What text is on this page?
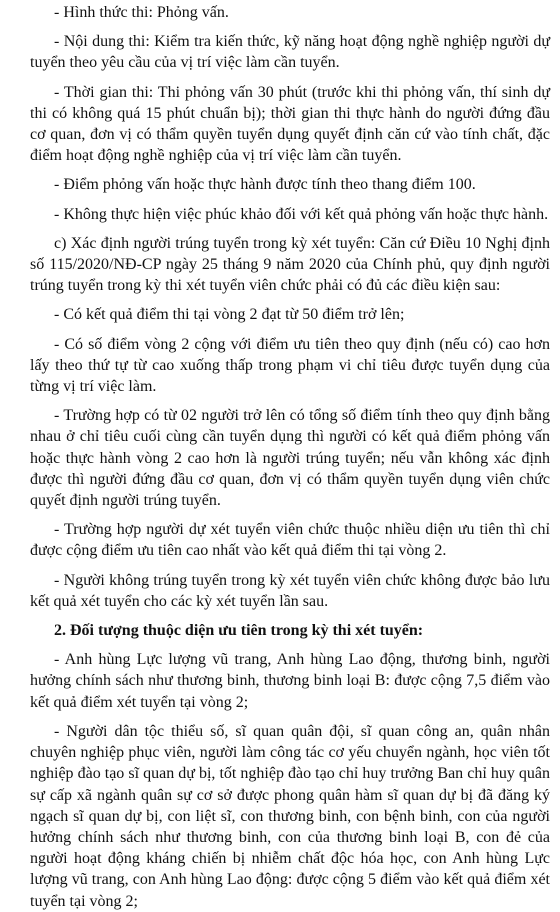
- Hình thức thi: Phỏng vấn.

- Nội dung thi: Kiểm tra kiến thức, kỹ năng hoạt động nghề nghiệp người dự tuyển theo yêu cầu của vị trí việc làm cần tuyển.

- Thời gian thi: Thi phỏng vấn 30 phút (trước khi thi phỏng vấn, thí sinh dự thi có không quá 15 phút chuẩn bị); thời gian thi thực hành do người đứng đầu cơ quan, đơn vị có thẩm quyền tuyển dụng quyết định căn cứ vào tính chất, đặc điểm hoạt động nghề nghiệp của vị trí việc làm cần tuyển.

- Điểm phỏng vấn hoặc thực hành được tính theo thang điểm 100.

- Không thực hiện việc phúc khảo đối với kết quả phỏng vấn hoặc thực hành.

c) Xác định người trúng tuyển trong kỳ xét tuyển: Căn cứ Điều 10 Nghị định số 115/2020/NĐ-CP ngày 25 tháng 9 năm 2020 của Chính phủ, quy định người trúng tuyển trong kỳ thi xét tuyển viên chức phải có đủ các điều kiện sau:

- Có kết quả điểm thi tại vòng 2 đạt từ 50 điểm trở lên;

- Có số điểm vòng 2 cộng với điểm ưu tiên theo quy định (nếu có) cao hơn lấy theo thứ tự từ cao xuống thấp trong phạm vi chỉ tiêu được tuyển dụng của từng vị trí việc làm.

- Trường hợp có từ 02 người trở lên có tổng số điểm tính theo quy định bằng nhau ở chỉ tiêu cuối cùng cần tuyển dụng thì người có kết quả điểm phỏng vấn hoặc thực hành vòng 2 cao hơn là người trúng tuyển; nếu vẫn không xác định được thì người đứng đầu cơ quan, đơn vị có thẩm quyền tuyển dụng viên chức quyết định người trúng tuyển.

- Trường hợp người dự xét tuyển viên chức thuộc nhiều diện ưu tiên thì chỉ được cộng điểm ưu tiên cao nhất vào kết quả điểm thi tại vòng 2.

- Người không trúng tuyển trong kỳ xét tuyển viên chức không được bảo lưu kết quả xét tuyển cho các kỳ xét tuyển lần sau.

2. Đối tượng thuộc diện ưu tiên trong kỳ thi xét tuyển:

- Anh hùng Lực lượng vũ trang, Anh hùng Lao động, thương binh, người hưởng chính sách như thương binh, thương binh loại B: được cộng 7,5 điểm vào kết quả điểm xét tuyển tại vòng 2;

- Người dân tộc thiểu số, sĩ quan quân đội, sĩ quan công an, quân nhân chuyên nghiệp phục viên, người làm công tác cơ yếu chuyển ngành, học viên tốt nghiệp đào tạo sĩ quan dự bị, tốt nghiệp đào tạo chỉ huy trưởng Ban chỉ huy quân sự cấp xã ngành quân sự cơ sở được phong quân hàm sĩ quan dự bị đã đăng ký ngạch sĩ quan dự bị, con liệt sĩ, con thương binh, con bệnh binh, con của người hưởng chính sách như thương binh, con của thương binh loại B, con đẻ của người hoạt động kháng chiến bị nhiễm chất độc hóa học, con Anh hùng Lực lượng vũ trang, con Anh hùng Lao động: được cộng 5 điểm vào kết quả điểm xét tuyển tại vòng 2;
